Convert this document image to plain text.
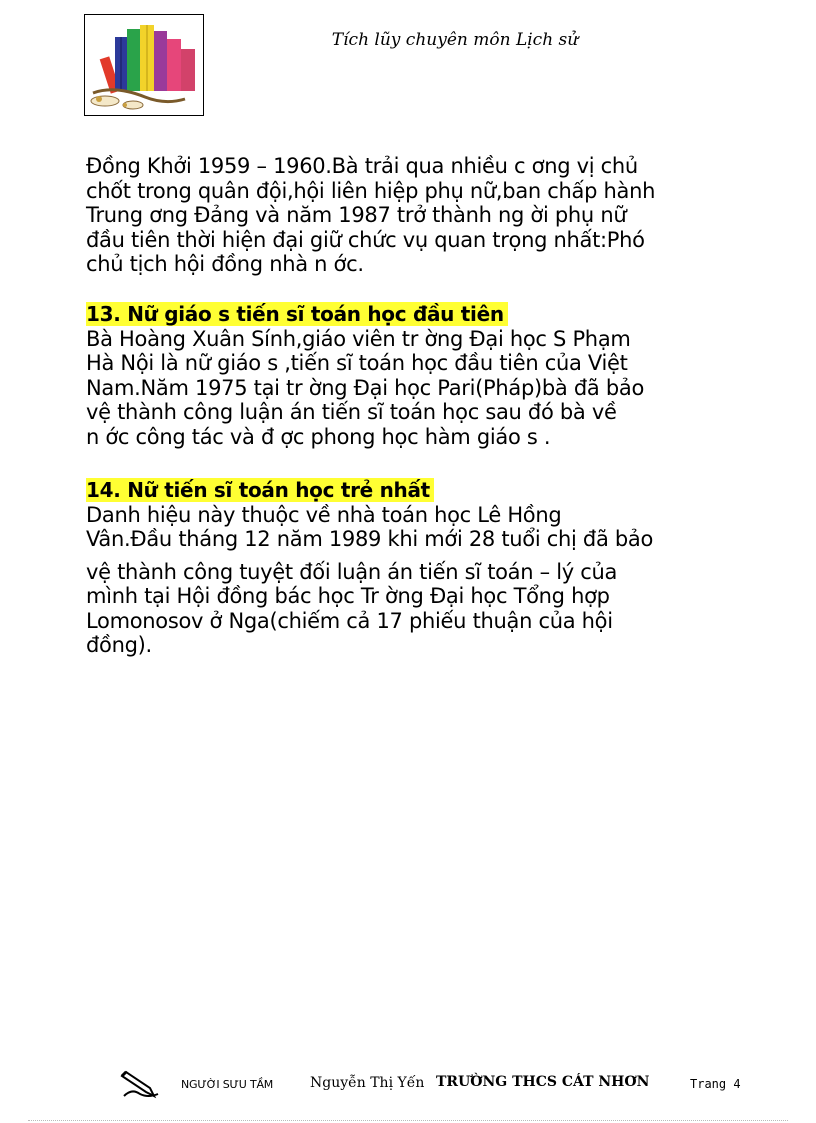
Tích lũy chuyên môn Lịch sử
Đồng Khởi 1959 – 1960.Bà trải qua nhiều c ơng vị chủ
chốt trong quân đội,hội liên hiệp phụ nữ,ban chấp hành
Trung ơng Đảng và năm 1987 trở thành ng ời phụ nữ
đầu tiên thời hiện đại giữ chức vụ quan trọng nhất:Phó
chủ tịch hội đồng nhà n ớc.
13. Nữ giáo s tiến sĩ toán học đầu tiên
Bà Hoàng Xuân Sính,giáo viên tr ờng Đại học S Phạm
Hà Nội là nữ giáo s ,tiến sĩ toán học đầu tiên của Việt
Nam.Năm 1975 tại tr ờng Đại học Pari(Pháp)bà đã bảo
vệ thành công luận án tiến sĩ toán học sau đó bà về
n ớc công tác và đ ợc phong học hàm giáo s .
14. Nữ tiến sĩ toán học trẻ nhất
Danh hiệu này thuộc về nhà toán học Lê Hồng
Vân.Đầu tháng 12 năm 1989 khi mới 28 tuổi chị đã bảo
vệ thành công tuyệt đối luận án tiến sĩ toán – lý của
mình tại Hội đồng bác học Tr ờng Đại học Tổng hợp
Lomonosov ở Nga(chiếm cả 17 phiếu thuận của hội
đồng).
NGƯỜI SƯU TẦM	Nguyễn Thị Yến TRƯỜNG THCS CÁT NHƠN	Trang 4
